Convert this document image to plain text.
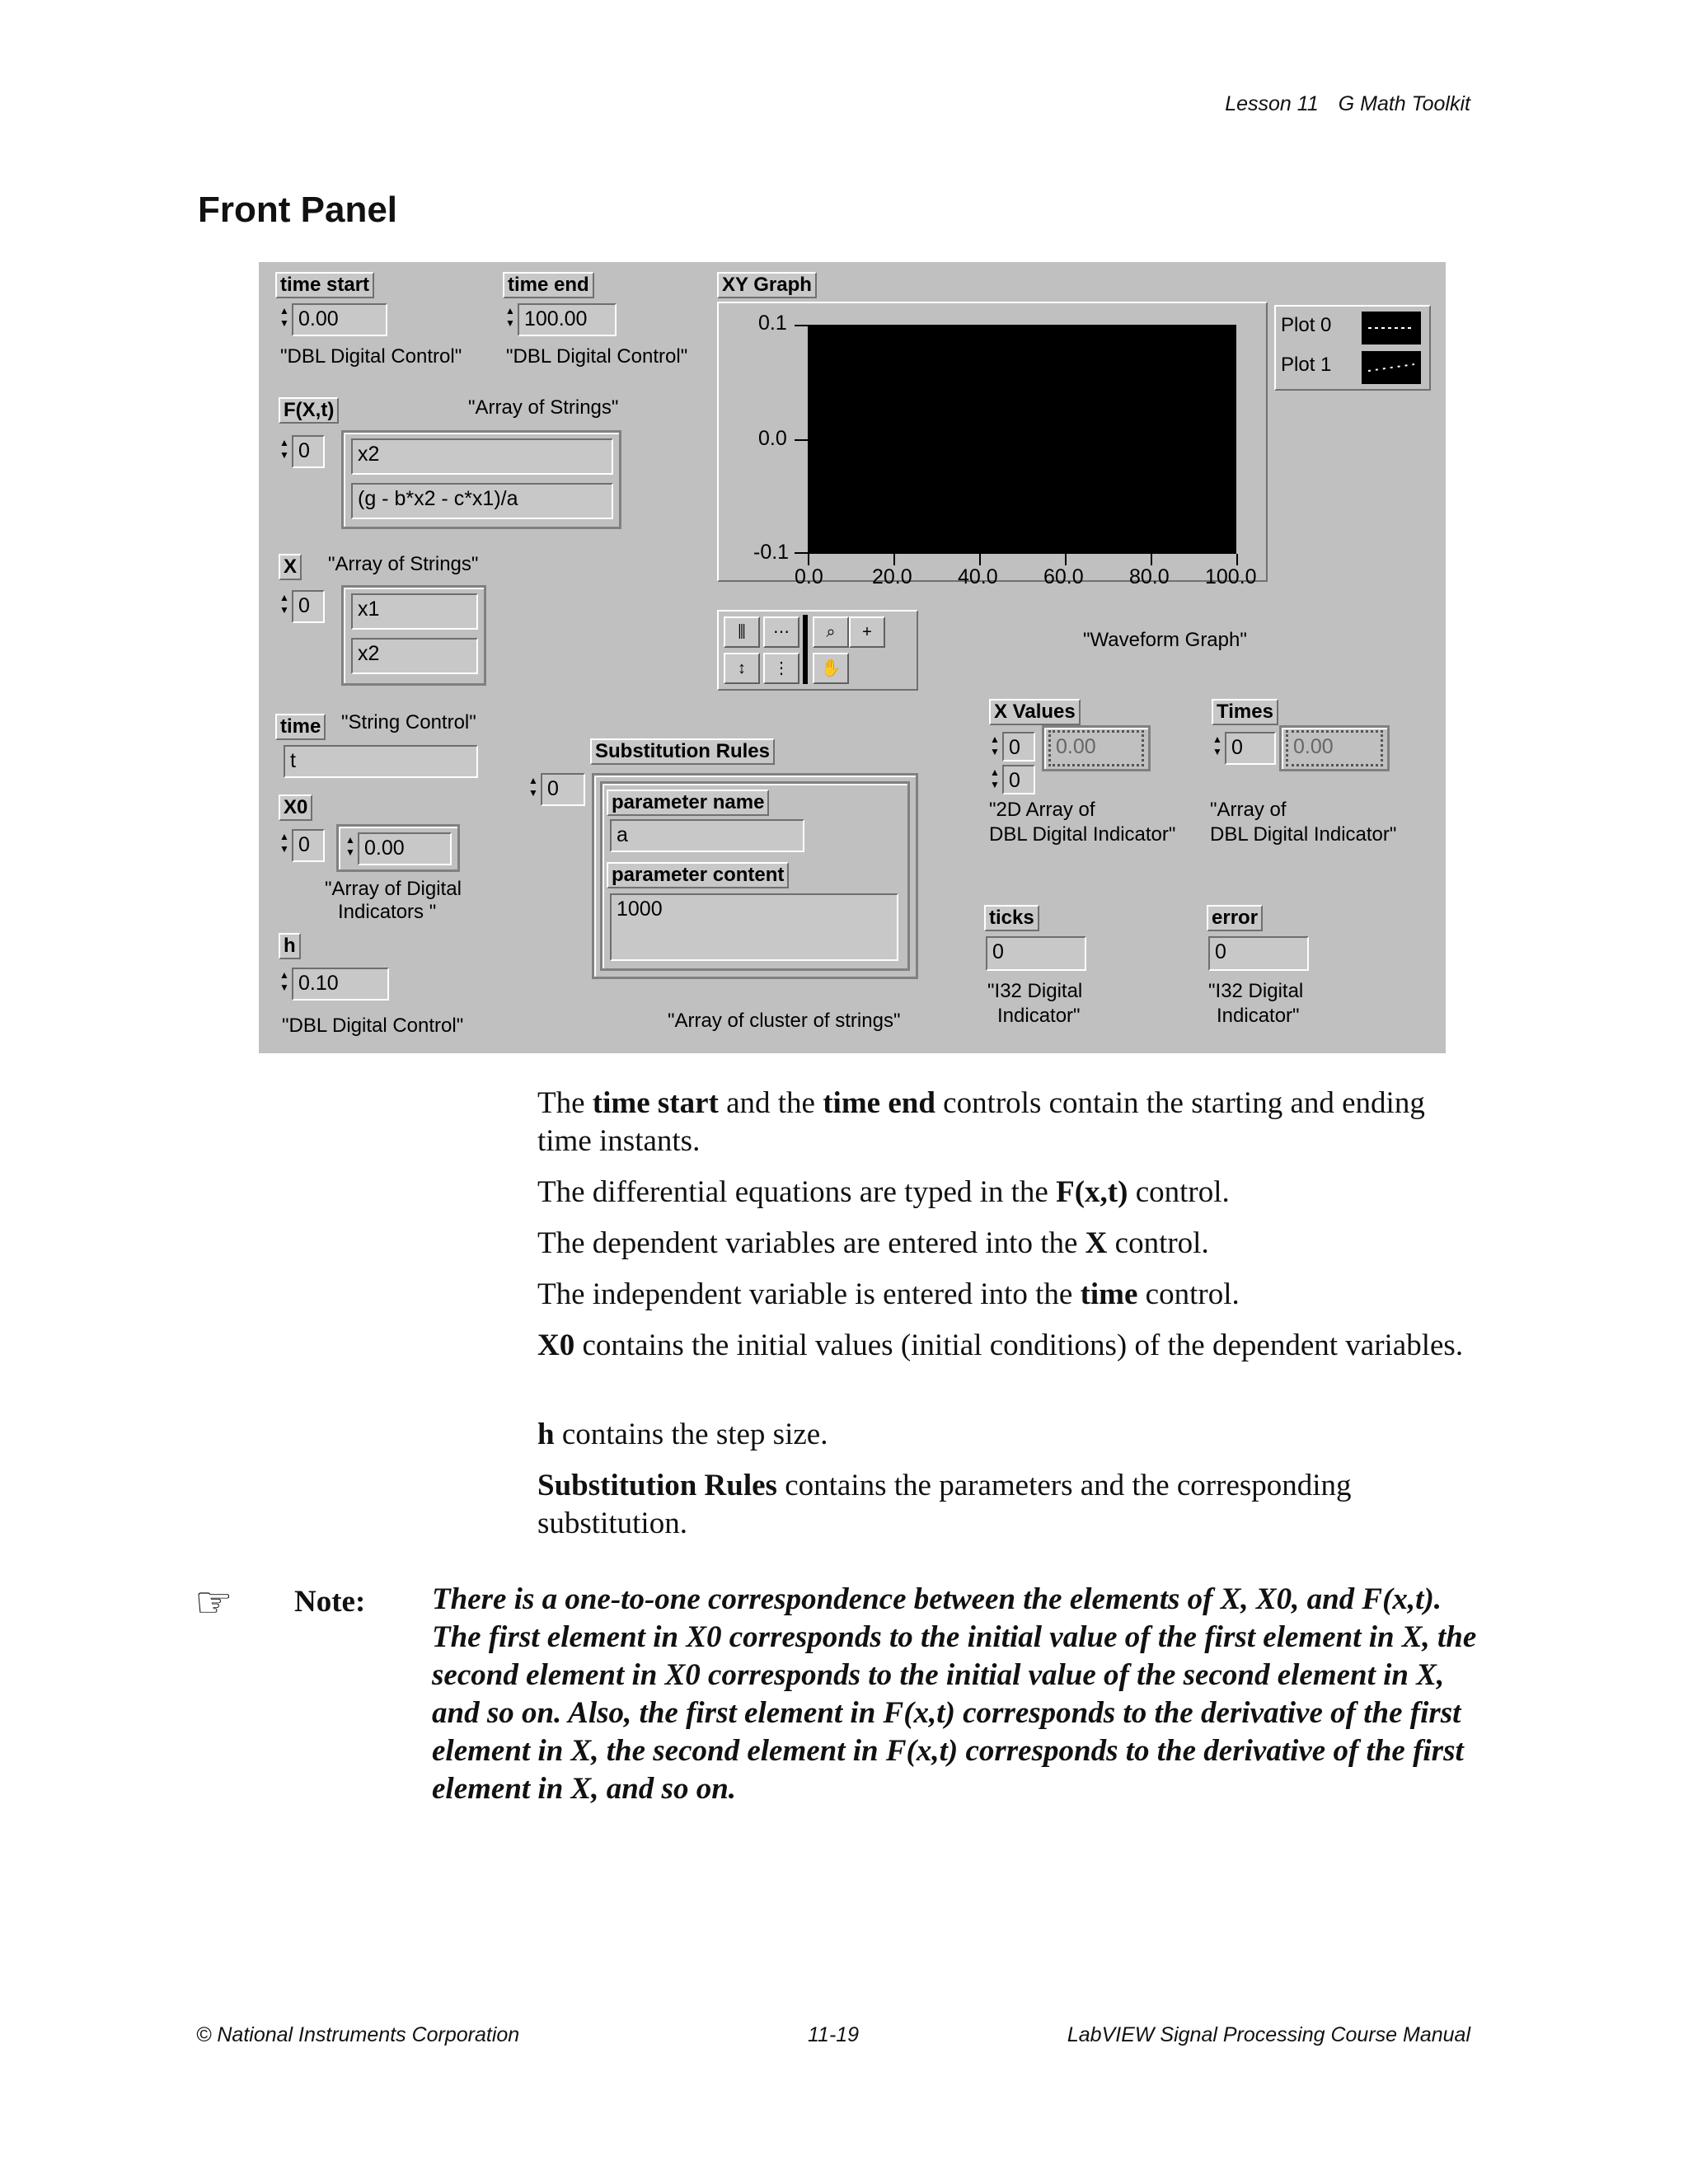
Lesson 11 G Math Toolkit
Front Panel
time start
▲
▼ 0.00
"DBL Digital Control"
time end
▲
▼ 100.00
"DBL Digital Control"
F(X,t)	"Array of Strings"
▲
▼ 0	x2
(g - b*x2 - c*x1)/a
X "Array of Strings"
▲
▼ 0	x1
x2
time "String Control"
t
X0
▲
▼ 0	▲
▼ 0.00
"Array of Digital
Indicators "
h
▲
▼ 0.10
"DBL Digital Control"
Substitution Rules
▲
▼ 0
parameter name
a
parameter content
1000
"Array of cluster of strings"
XY Graph
0.1
0.0
-0.1
0.0 20.0 40.0 60.0 80.0 100.0
Plot 0
Plot 1
⫼	⋯	⌕	+
↕	⋮	✋
"Waveform Graph"
X Values
▲
▼ 0
▲
▼ 0
0.00
"2D Array of
DBL Digital Indicator"
Times
▲
▼ 0	0.00
"Array of
DBL Digital Indicator"
ticks
0
"I32 Digital
Indicator"
error
0
"I32 Digital
Indicator"
The time start and the time end controls contain the starting and ending time instants.
The differential equations are typed in the F(x,t) control.
The dependent variables are entered into the X control.
The independent variable is entered into the time control.
X0 contains the initial values (initial conditions) of the dependent variables.
h contains the step size.
Substitution Rules contains the parameters and the corresponding substitution.
☞ Note: There is a one-to-one correspondence between the elements of X, X0, and F(x,t). The first element in X0 corresponds to the initial value of the first element in X, the second element in X0 corresponds to the initial value of the second element in X, and so on. Also, the first element in F(x,t) corresponds to the derivative of the first element in X, the second element in F(x,t) corresponds to the derivative of the first element in X, and so on.
© National Instruments Corporation	11-19	LabVIEW Signal Processing Course Manual
